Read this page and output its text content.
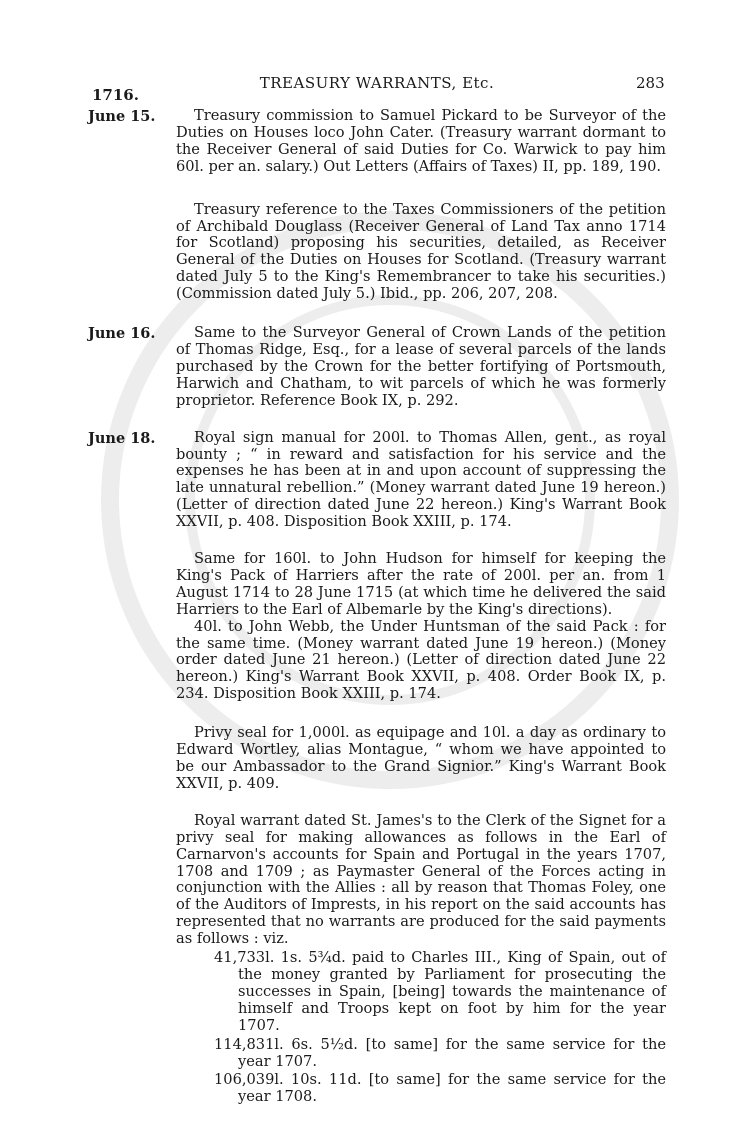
1716.
TREASURY WARRANTS, Etc.	283
June 15.	Treasury commission to Samuel Pickard to be Surveyor of the Duties on Houses loco John Cater. (Treasury warrant dormant to the Receiver General of said Duties for Co. Warwick to pay him 60l. per an. salary.) Out Letters (Affairs of Taxes) II, pp. 189, 190.

Treasury reference to the Taxes Commissioners of the petition of Archibald Douglass (Receiver General of Land Tax anno 1714 for Scotland) proposing his securities, detailed, as Receiver General of the Duties on Houses for Scotland. (Treasury warrant dated July 5 to the King's Remembrancer to take his securities.) (Commission dated July 5.) Ibid., pp. 206, 207, 208.

June 16.	Same to the Surveyor General of Crown Lands of the petition of Thomas Ridge, Esq., for a lease of several parcels of the lands purchased by the Crown for the better fortifying of Portsmouth, Harwich and Chatham, to wit parcels of which he was formerly proprietor. Reference Book IX, p. 292.

June 18.	Royal sign manual for 200l. to Thomas Allen, gent., as royal bounty ; “ in reward and satisfaction for his service and the expenses he has been at in and upon account of suppressing the late unnatural rebellion.” (Money warrant dated June 19 hereon.) (Letter of direction dated June 22 hereon.) King's Warrant Book XXVII, p. 408. Disposition Book XXIII, p. 174.

Same for 160l. to John Hudson for himself for keeping the King's Pack of Harriers after the rate of 200l. per an. from 1 August 1714 to 28 June 1715 (at which time he delivered the said Harriers to the Earl of Albemarle by the King's directions).

40l. to John Webb, the Under Huntsman of the said Pack : for the same time. (Money warrant dated June 19 hereon.) (Money order dated June 21 hereon.) (Letter of direction dated June 22 hereon.) King's Warrant Book XXVII, p. 408. Order Book IX, p. 234. Disposition Book XXIII, p. 174.

Privy seal for 1,000l. as equipage and 10l. a day as ordinary to Edward Wortley, alias Montague, “ whom we have appointed to be our Ambassador to the Grand Signior.” King's Warrant Book XXVII, p. 409.

Royal warrant dated St. James's to the Clerk of the Signet for a privy seal for making allowances as follows in the Earl of Carnarvon's accounts for Spain and Portugal in the years 1707, 1708 and 1709 ; as Paymaster General of the Forces acting in conjunction with the Allies : all by reason that Thomas Foley, one of the Auditors of Imprests, in his report on the said accounts has represented that no warrants are produced for the said payments as follows : viz.

41,733l. 1s. 5¾d. paid to Charles III., King of Spain, out of the money granted by Parliament for prosecuting the successes in Spain, [being] towards the maintenance of himself and Troops kept on foot by him for the year 1707.
114,831l. 6s. 5½d. [to same] for the same service for the year 1707.
106,039l. 10s. 11d. [to same] for the same service for the year 1708.
